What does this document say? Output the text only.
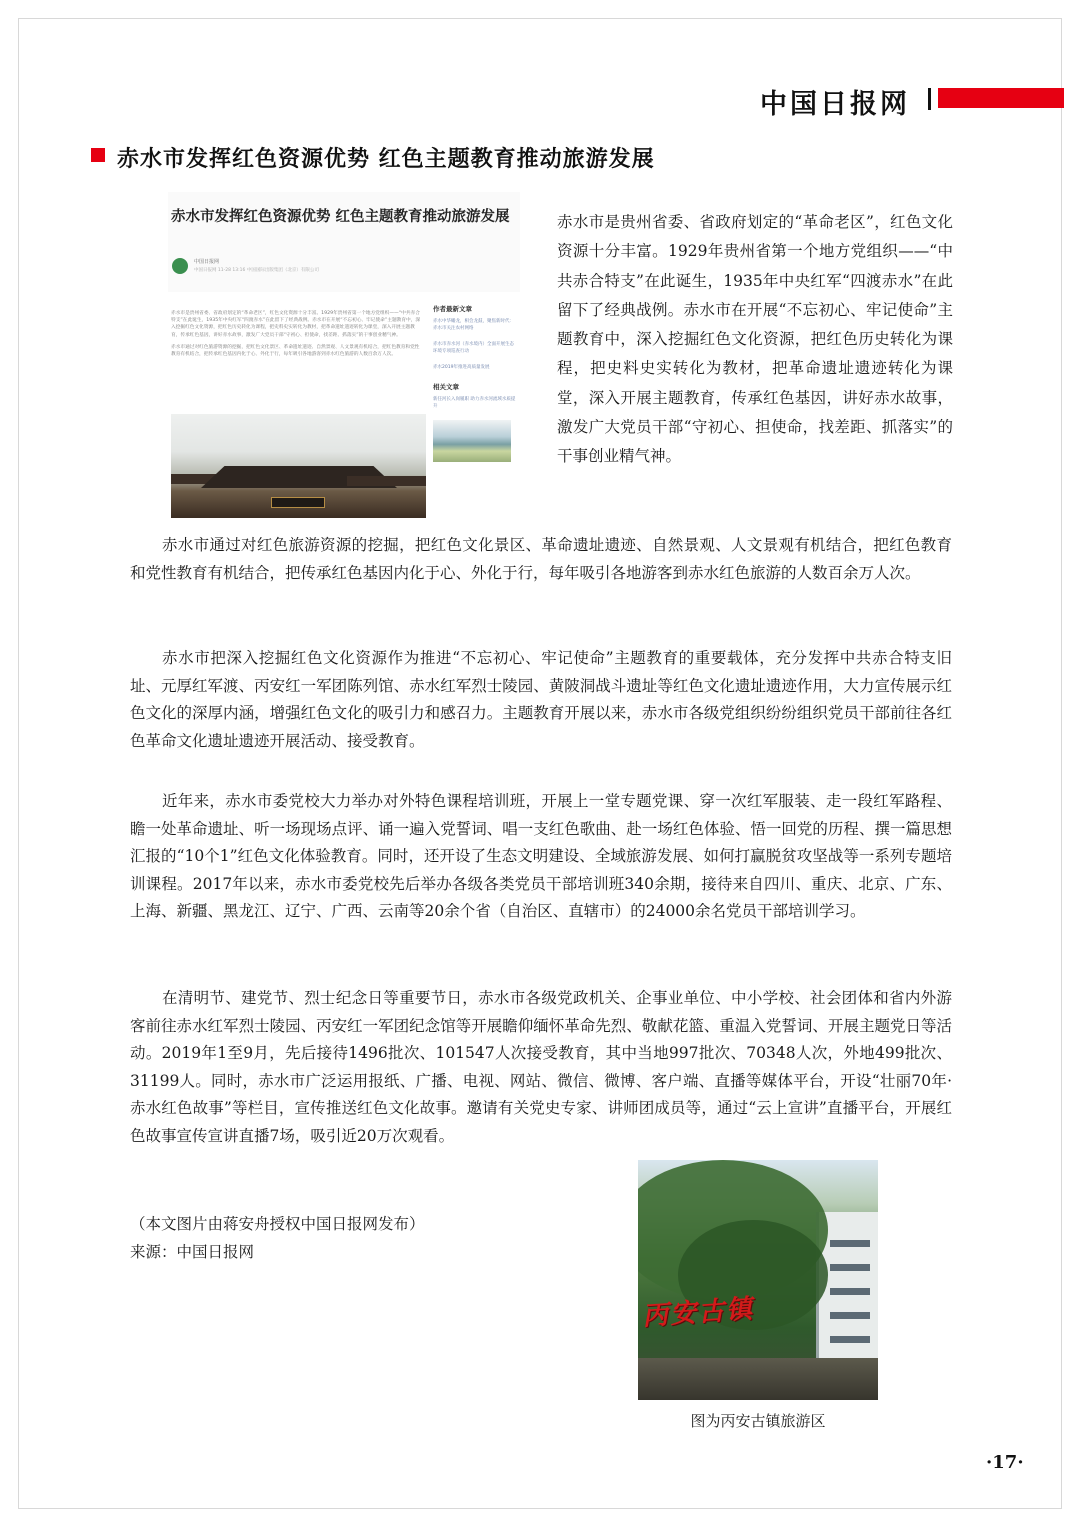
中国日报网
赤水市发挥红色资源优势 红色主题教育推动旅游发展
赤水市发挥红色资源优势 红色主题教育推动旅游发展
中国日报网
中国日报网 11-28 13:16 中国国际出版集团（北京）有限公司
赤水市是贵州省委、省政府划定的“革命老区”，红色文化资源十分丰富。1929年贵州省第一个地方党组织——“中共赤合特支”在此诞生，1935年中央红军“四渡赤水”在此留下了经典战例。赤水市在开展“不忘初心、牢记使命”主题教育中，深入挖掘红色文化资源，把红色历史转化为课程，把史料史实转化为教材，把革命遗址遗迹转化为课堂，深入开展主题教育，传承红色基因，讲好赤水故事，激发广大党员干部“守初心、担使命，找差距、抓落实”的干事创业精气神。
赤水市通过对红色旅游资源的挖掘，把红色文化景区、革命遗址遗迹、自然景观、人文景观有机结合，把红色教育和党性教育有机结合，把传承红色基因内化于心、外化于行，每年吸引各地游客到赤水红色旅游的人数百余万人次。
作者最新文章
赤水中华蟠龙，相会龙鼓，聚焦新时代：赤水市关注农村网络
赤水市赤水河（赤水境内）全面开展生态环境专项巡查行动
赤水2019年推进高质量发展
相关文章
新任河长入岗履职 助力赤水河流域水质提升

赤水市是贵州省委、省政府划定的“革命老区”，红色文化资源十分丰富。1929年贵州省第一个地方党组织——“中共赤合特支”在此诞生，1935年中央红军“四渡赤水”在此留下了经典战例。赤水市在开展“不忘初心、牢记使命”主题教育中，深入挖掘红色文化资源，把红色历史转化为课程，把史料史实转化为教材，把革命遗址遗迹转化为课堂，深入开展主题教育，传承红色基因，讲好赤水故事，激发广大党员干部“守初心、担使命，找差距、抓落实”的干事创业精气神。

赤水市通过对红色旅游资源的挖掘，把红色文化景区、革命遗址遗迹、自然景观、人文景观有机结合，把红色教育和党性教育有机结合，把传承红色基因内化于心、外化于行，每年吸引各地游客到赤水红色旅游的人数百余万人次。

赤水市把深入挖掘红色文化资源作为推进“不忘初心、牢记使命”主题教育的重要载体，充分发挥中共赤合特支旧址、元厚红军渡、丙安红一军团陈列馆、赤水红军烈士陵园、黄陂洞战斗遗址等红色文化遗址遗迹作用，大力宣传展示红色文化的深厚内涵，增强红色文化的吸引力和感召力。主题教育开展以来，赤水市各级党组织纷纷组织党员干部前往各红色革命文化遗址遗迹开展活动、接受教育。

近年来，赤水市委党校大力举办对外特色课程培训班，开展上一堂专题党课、穿一次红军服装、走一段红军路程、瞻一处革命遗址、听一场现场点评、诵一遍入党誓词、唱一支红色歌曲、赴一场红色体验、悟一回党的历程、撰一篇思想汇报的“10个1”红色文化体验教育。同时，还开设了生态文明建设、全域旅游发展、如何打赢脱贫攻坚战等一系列专题培训课程。2017年以来，赤水市委党校先后举办各级各类党员干部培训班340余期，接待来自四川、重庆、北京、广东、上海、新疆、黑龙江、辽宁、广西、云南等20余个省（自治区、直辖市）的24000余名党员干部培训学习。

在清明节、建党节、烈士纪念日等重要节日，赤水市各级党政机关、企事业单位、中小学校、社会团体和省内外游客前往赤水红军烈士陵园、丙安红一军团纪念馆等开展瞻仰缅怀革命先烈、敬献花篮、重温入党誓词、开展主题党日等活动。2019年1至9月，先后接待1496批次、101547人次接受教育，其中当地997批次、70348人次，外地499批次、31199人。同时，赤水市广泛运用报纸、广播、电视、网站、微信、微博、客户端、直播等媒体平台，开设“壮丽70年·赤水红色故事”等栏目，宣传推送红色文化故事。邀请有关党史专家、讲师团成员等，通过“云上宣讲”直播平台，开展红色故事宣传宣讲直播7场，吸引近20万次观看。

（本文图片由蒋安舟授权中国日报网发布）

来源：中国日报网

丙安古镇
图为丙安古镇旅游区
·17·
